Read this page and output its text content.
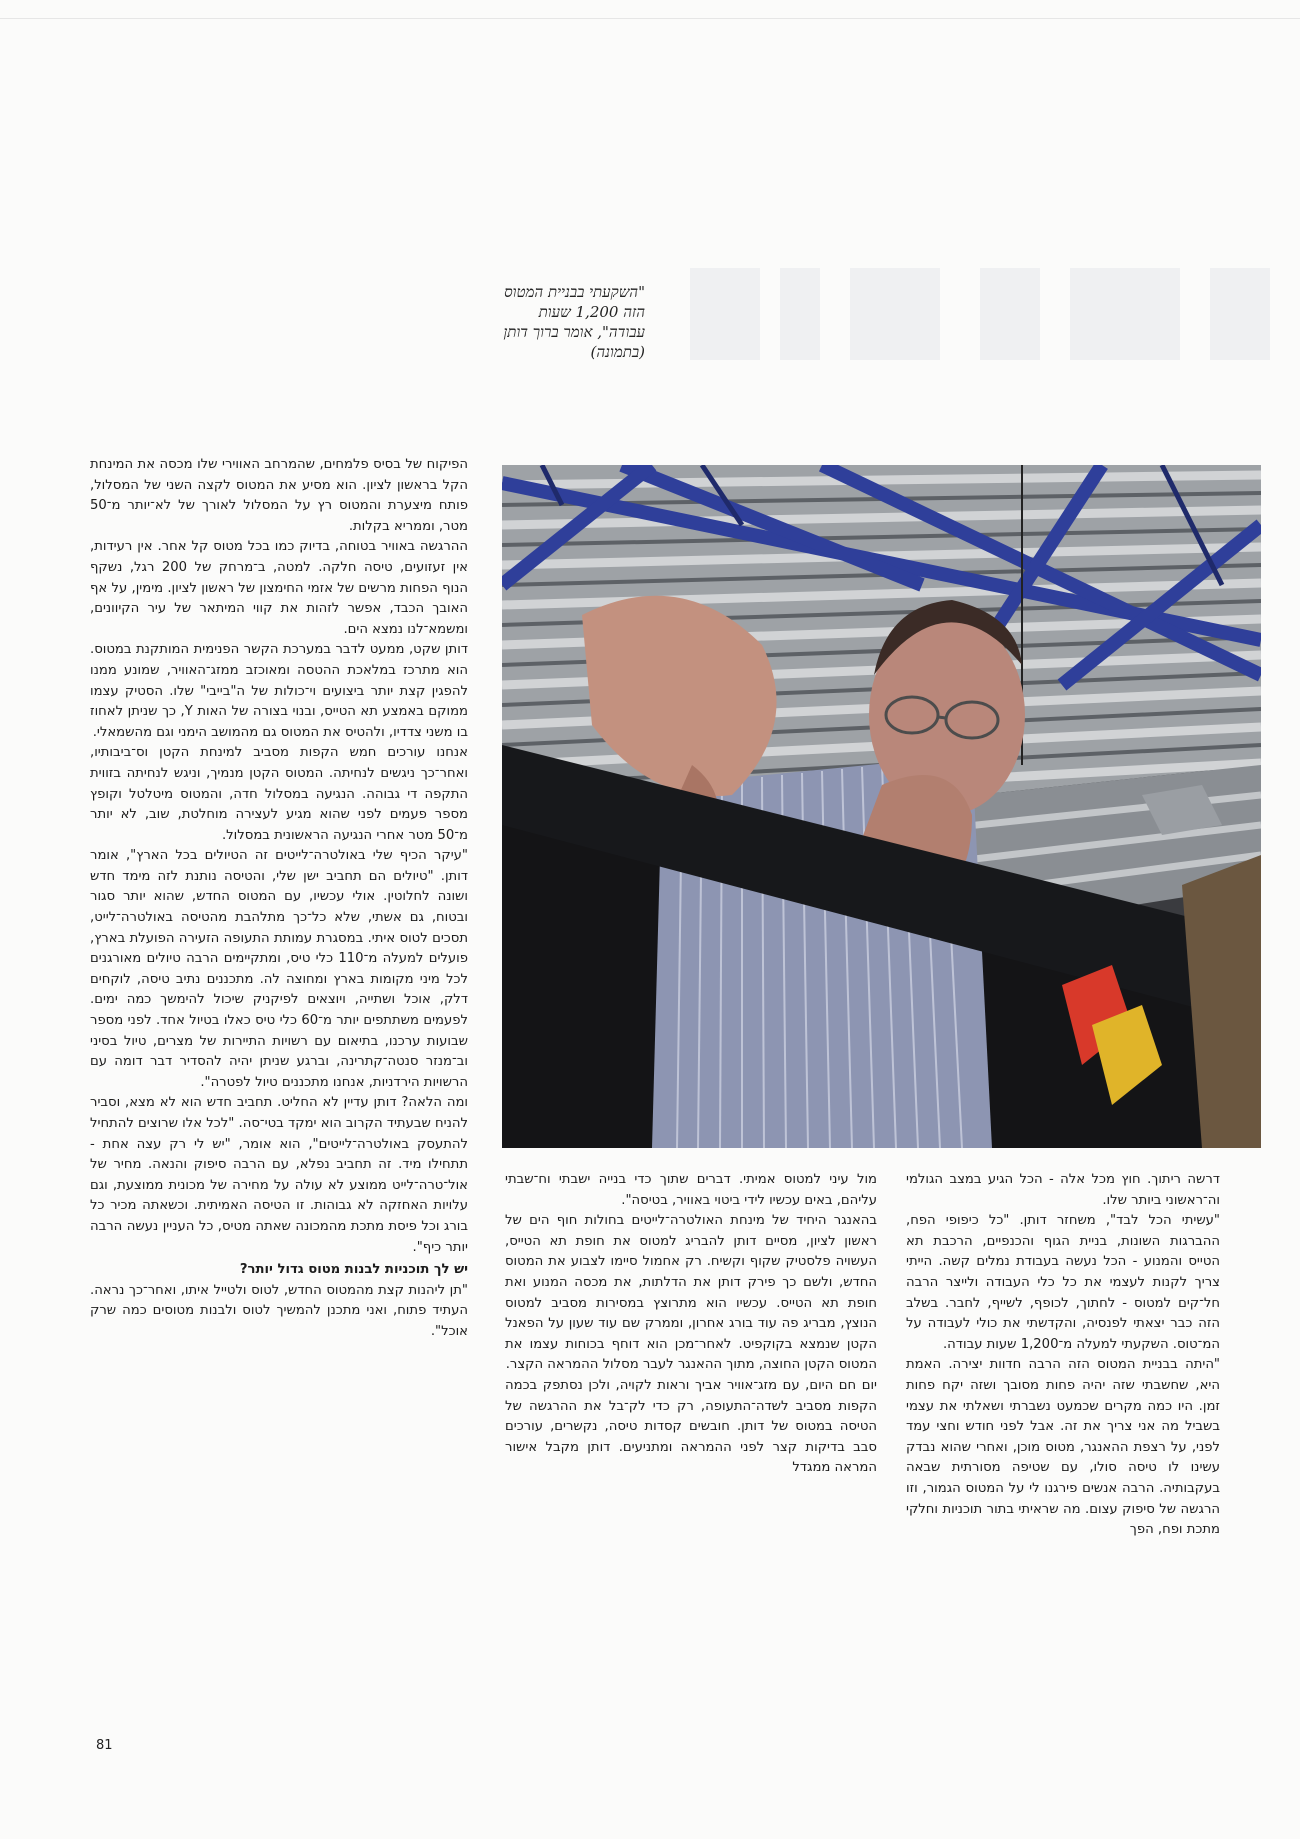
"השקעתי בבניית המטוס הזה 1,200 שעות עבודה", אומר ברוך דותן (בתמונה)

דרשה ריתוך. חוץ מכל אלה - הכל הגיע במצב הגולמי וה־ראשוני ביותר שלו.

"עשיתי הכל לבד", משחזר דותן. "כל כיפופי הפח, ההברגות השונות, בניית הגוף והכנפיים, הרכבת תא הטייס והמנוע - הכל נעשה בעבודת נמלים קשה. הייתי צריך לקנות לעצמי את כל כלי העבודה ולייצר הרבה חל־קים למטוס - לחתוך, לכופף, לשייף, לחבר. בשלב הזה כבר יצאתי לפנסיה, והקדשתי את כולי לעבודה על המ־טוס. השקעתי למעלה מ־1,200 שעות עבודה.

"היתה בבניית המטוס הזה הרבה חדוות יצירה. האמת היא, שחשבתי שזה יהיה פחות מסובך ושזה יקח פחות זמן. היו כמה מקרים שכמעט נשברתי ושאלתי את עצמי בשביל מה אני צריך את זה. אבל לפני חודש וחצי עמד לפני, על רצפת ההאנגר, מטוס מוכן, ואחרי שהוא נבדק עשינו לו טיסה סולו, עם שטיפה מסורתית שבאה בעקבותיה. הרבה אנשים פירגנו לי על המטוס הגמור, וזו הרגשה של סיפוק עצום. מה שראיתי בתור תוכניות וחלקי מתכת ופח, הפך

מול עיני למטוס אמיתי. דברים שתוך כדי בנייה ישבתי וח־שבתי עליהם, באים עכשיו לידי ביטוי באוויר, בטיסה".

בהאנגר היחיד של מינחת האולטרה־לייטים בחולות חוף הים של ראשון לציון, מסיים דותן להבריג למטוס את חופת תא הטייס, העשויה פלסטיק שקוף וקשיח. רק אחמול סיימו לצבוע את המטוס החדש, ולשם כך פירק דותן את הדלתות, את מכסה המנוע ואת חופת תא הטייס. עכשיו הוא מתרוצץ במסירות מסביב למטוס הנוצץ, מבריג פה עוד בורג אחרון, וממרק שם עוד שעון על הפאנל הקטן שנמצא בקוקפיט. לאחר־מכן הוא דוחף בכוחות עצמו את המטוס הקטן החוצה, מתוך ההאנגר לעבר מסלול ההמראה הקצר.

יום חם היום, עם מזג־אוויר אביך וראות לקויה, ולכן נסתפק בכמה הקפות מסביב לשדה־התעופה, רק כדי לק־בל את ההרגשה של הטיסה במטוס של דותן. חובשים קסדות טיסה, נקשרים, עורכים סבב בדיקות קצר לפני ההמראה ומתניעים. דותן מקבל אישור המראה ממגדל

הפיקוח של בסיס פלמחים, שהמרחב האווירי שלו מכסה את המינחת הקל בראשון לציון. הוא מסיע את המטוס לקצה השני של המסלול, פותח מיצערת והמטוס רץ על המסלול לאורך של לא־יותר מ־50 מטר, וממריא בקלות.

ההרגשה באוויר בטוחה, בדיוק כמו בכל מטוס קל אחר. אין רעידות, אין זעזועים, טיסה חלקה. למטה, ב־מרחק של 200 רגל, נשקף הנוף הפחות מרשים של אזמי החימצון של ראשון לציון. מימין, על אף האובך הכבד, אפשר לזהות את קווי המיתאר של עיר הקיוונים, ומשמא־לנו נמצא הים.

דותן שקט, ממעט לדבר במערכת הקשר הפנימית המותקנת במטוס. הוא מתרכז במלאכת ההטסה ומאוכזב ממזג־האוויר, שמונע ממנו להפגין קצת יותר ביצועים וי־כולות של ה"בייבי" שלו. הסטיק עצמו ממוקם באמצע תא הטייס, ובנוי בצורה של האות Y, כך שניתן לאחוז בו משני צדדיו, ולהטיס את המטוס גם מהמושב הימני וגם מהשמאלי.

אנחנו עורכים חמש הקפות מסביב למינחת הקטן וס־ביבותיו, ואחר־כך ניגשים לנחיתה. המטוס הקטן מנמיך, וניגש לנחיתה בזווית התקפה די גבוהה. הנגיעה במסלול חדה, והמטוס מיטלטל וקופץ מספר פעמים לפני שהוא מגיע לעצירה מוחלטת, שוב, לא יותר מ־50 מטר אחרי הנגיעה הראשונית במסלול.

"עיקר הכיף שלי באולטרה־לייטים זה הטיולים בכל הארץ", אומר דותן. "טיולים הם תחביב ישן שלי, והטיסה נותנת לזה מימד חדש ושונה לחלוטין. אולי עכשיו, עם המטוס החדש, שהוא יותר סגור ובטוח, גם אשתי, שלא כל־כך מתלהבת מהטיסה באולטרה־לייט, תסכים לטוס איתי. במסגרת עמותת התעופה הזעירה הפועלת בארץ, פועלים למעלה מ־110 כלי טיס, ומתקיימים הרבה טיולים מאורגנים לכל מיני מקומות בארץ ומחוצה לה. מתכננים נתיב טיסה, לוקחים דלק, אוכל ושתייה, ויוצאים לפיקניק שיכול להימשך כמה ימים. לפעמים משתתפים יותר מ־60 כלי טיס כאלו בטיול אחד. לפני מספר שבועות ערכנו, בתיאום עם רשויות התיירות של מצרים, טיול בסיני וב־מנזר סנטה־קתרינה, וברגע שניתן יהיה להסדיר דבר דומה עם הרשויות הירדניות, אנחנו מתכננים טיול לפטרה".

ומה הלאה? דותן עדיין לא החליט. תחביב חדש הוא לא מצא, וסביר להניח שבעתיד הקרוב הוא ימקד בטי־סה. "לכל אלו שרוצים להתחיל להתעסק באולטרה־לייטים", הוא אומר, "יש לי רק עצה אחת - תתחילו מיד. זה תחביב נפלא, עם הרבה סיפוק והנאה. מחיר של אול־טרה־לייט ממוצע לא עולה על מחירה של מכונית ממוצעת, וגם עלויות האחזקה לא גבוהות. זו הטיסה האמיתית. וכשאתה מכיר כל בורג וכל פיסת מתכת מהמכונה שאתה מטיס, כל העניין נעשה הרבה יותר כיף".

יש לך תוכניות לבנות מטוס גדול יותר?

"תן ליהנות קצת מהמטוס החדש, לטוס ולטייל איתו, ואחר־כך נראה. העתיד פתוח, ואני מתכנן להמשיך לטוס ולבנות מטוסים כמה שרק אוכל".

81
